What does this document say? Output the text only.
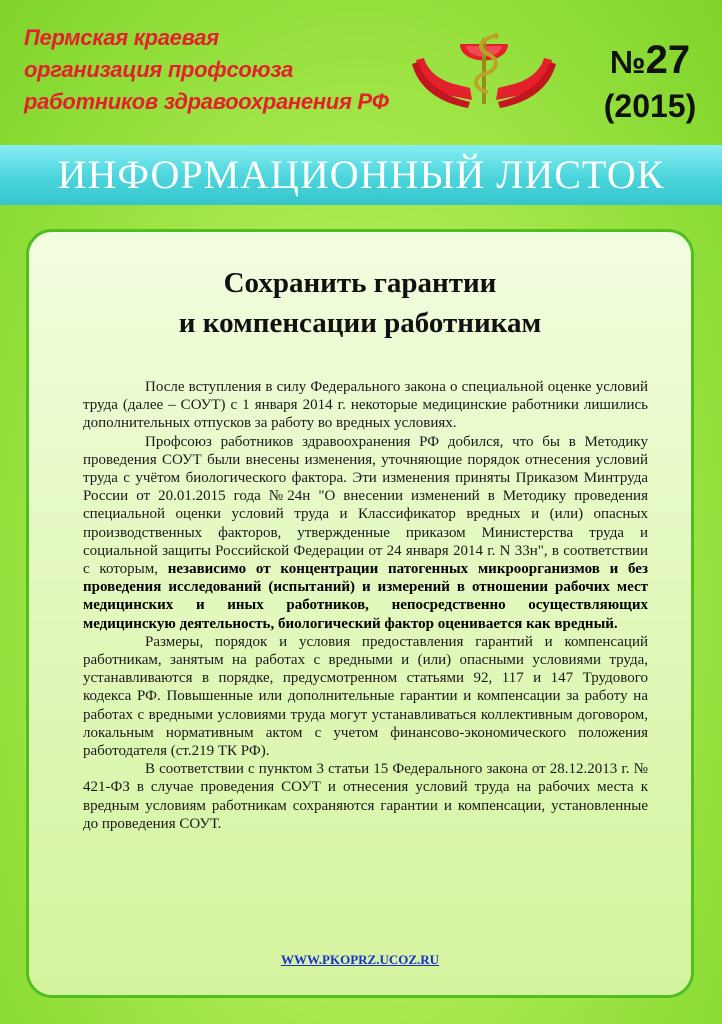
Пермская краевая
организация профсоюза
работников здравоохранения РФ
№27
(2015)
ИНФОРМАЦИОННЫЙ ЛИСТОК
Сохранить гарантии
и компенсации работникам

После вступления в силу Федерального закона о специальной оценке условий труда (далее – СОУТ) с 1 января 2014 г. некоторые медицинские работники лишились дополнительных отпусков за работу во вредных условиях.

Профсоюз работников здравоохранения РФ добился, что бы в Методику проведения СОУТ были внесены изменения, уточняющие порядок отнесения условий труда с учётом биологического фактора. Эти изменения приняты Приказом Минтруда России от 20.01.2015 года №24н "О внесении изменений в Методику проведения специальной оценки условий труда и Классификатор вредных и (или) опасных производственных факторов, утвержденные приказом Министерства труда и социальной защиты Российской Федерации от 24 января 2014 г. N 33н", в соответствии с которым, независимо от концентрации патогенных микроорганизмов и без проведения исследований (испытаний) и измерений в отношении рабочих мест медицинских и иных работников, непосредственно осуществляющих медицинскую деятельность, биологический фактор оценивается как вредный.

Размеры, порядок и условия предоставления гарантий и компенсаций работникам, занятым на работах с вредными и (или) опасными условиями труда, устанавливаются в порядке, предусмотренном статьями 92, 117 и 147 Трудового кодекса РФ. Повышенные или дополнительные гарантии и компенсации за работу на работах с вредными условиями труда могут устанавливаться коллективным договором, локальным нормативным актом с учетом финансово-экономического положения работодателя (ст.219 ТК РФ).

В соответствии с пунктом 3 статьи 15 Федерального закона от 28.12.2013 г. № 421-ФЗ в случае проведения СОУТ и отнесения условий труда на рабочих места к вредным условиям работникам сохраняются гарантии и компенсации, установленные до проведения СОУТ.

WWW.PKOPRZ.UCOZ.RU
